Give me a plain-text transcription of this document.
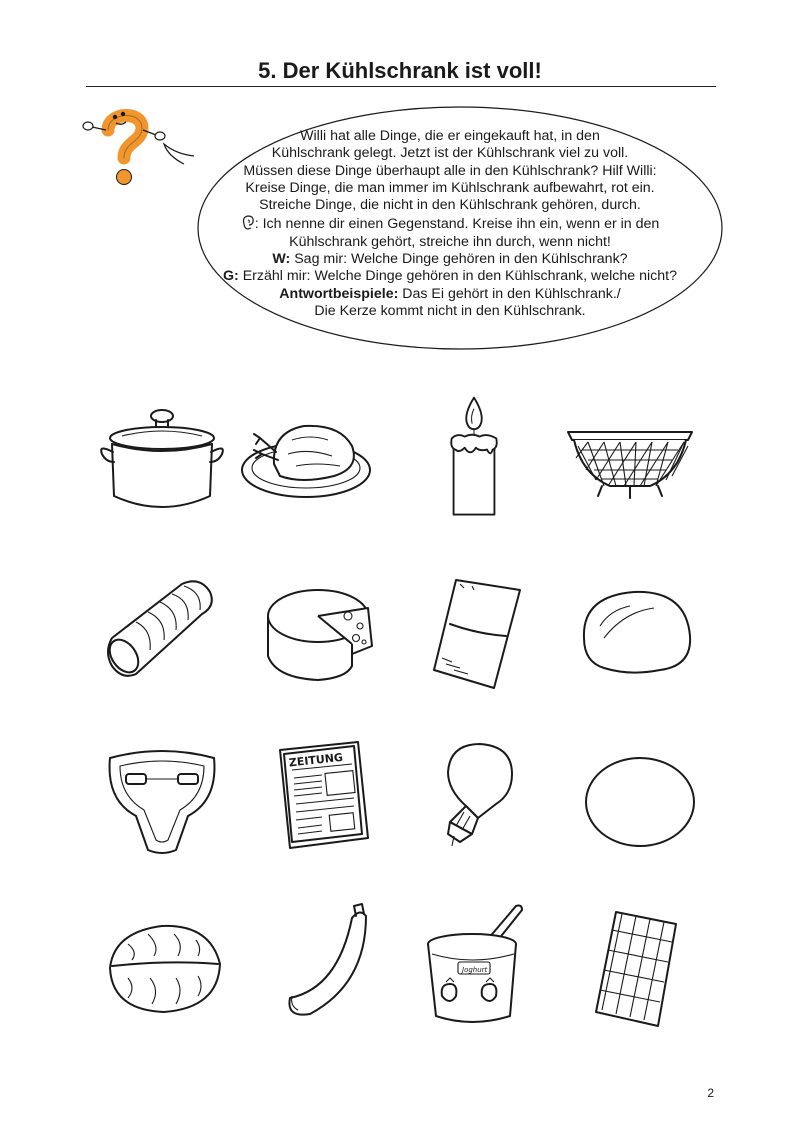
5. Der Kühlschrank ist voll!

Willi hat alle Dinge, die er eingekauft hat, in den

Kühlschrank gelegt. Jetzt ist der Kühlschrank viel zu voll.

Müssen diese Dinge überhaupt alle in den Kühlschrank? Hilf Willi:

Kreise Dinge, die man immer im Kühlschrank aufbewahrt, rot ein.

Streiche Dinge, die nicht in den Kühlschrank gehören, durch.

: Ich nenne dir einen Gegenstand. Kreise ihn ein, wenn er in den

Kühlschrank gehört, streiche ihn durch, wenn nicht!

W: Sag mir: Welche Dinge gehören in den Kühlschrank?

G: Erzähl mir: Welche Dinge gehören in den Kühlschrank, welche nicht?

Antwortbeispiele: Das Ei gehört in den Kühlschrank./

Die Kerze kommt nicht in den Kühlschrank.

ZEITUNG
Joghurt
2
